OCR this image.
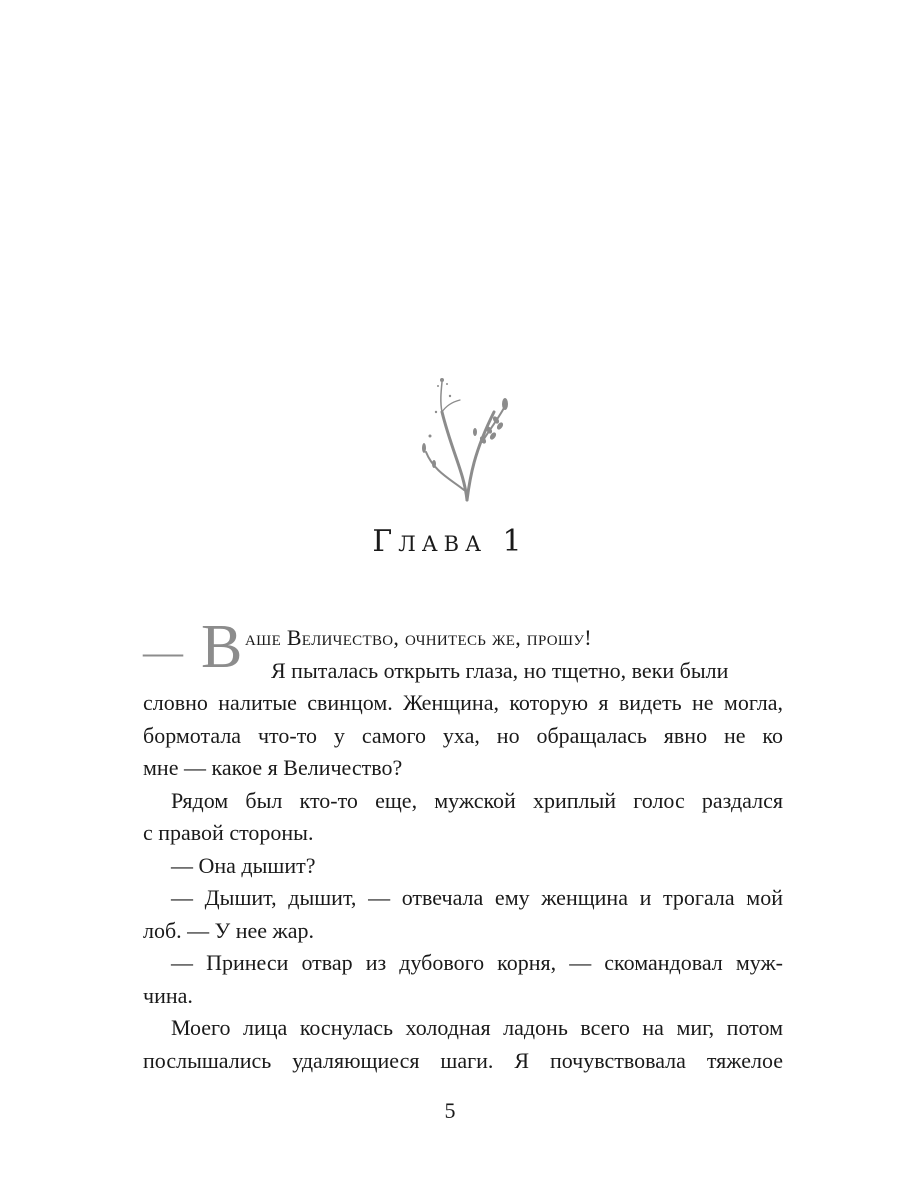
Глава 1
— В аше Величество, очнитесь же, прошу!
Я пыталась открыть глаза, но тщетно, веки были
словно налитые свинцом. Женщина, которую я видеть не могла,
бормотала что-то у самого уха, но обращалась явно не ко
мне — какое я Величество?
Рядом был кто-то еще, мужской хриплый голос раздался
с правой стороны.
— Она дышит?
— Дышит, дышит, — отвечала ему женщина и трогала мой
лоб. — У нее жар.
— Принеси отвар из дубового корня, — скомандовал муж-
чина.
Моего лица коснулась холодная ладонь всего на миг, потом
послышались удаляющиеся шаги. Я почувствовала тяжелое
5
